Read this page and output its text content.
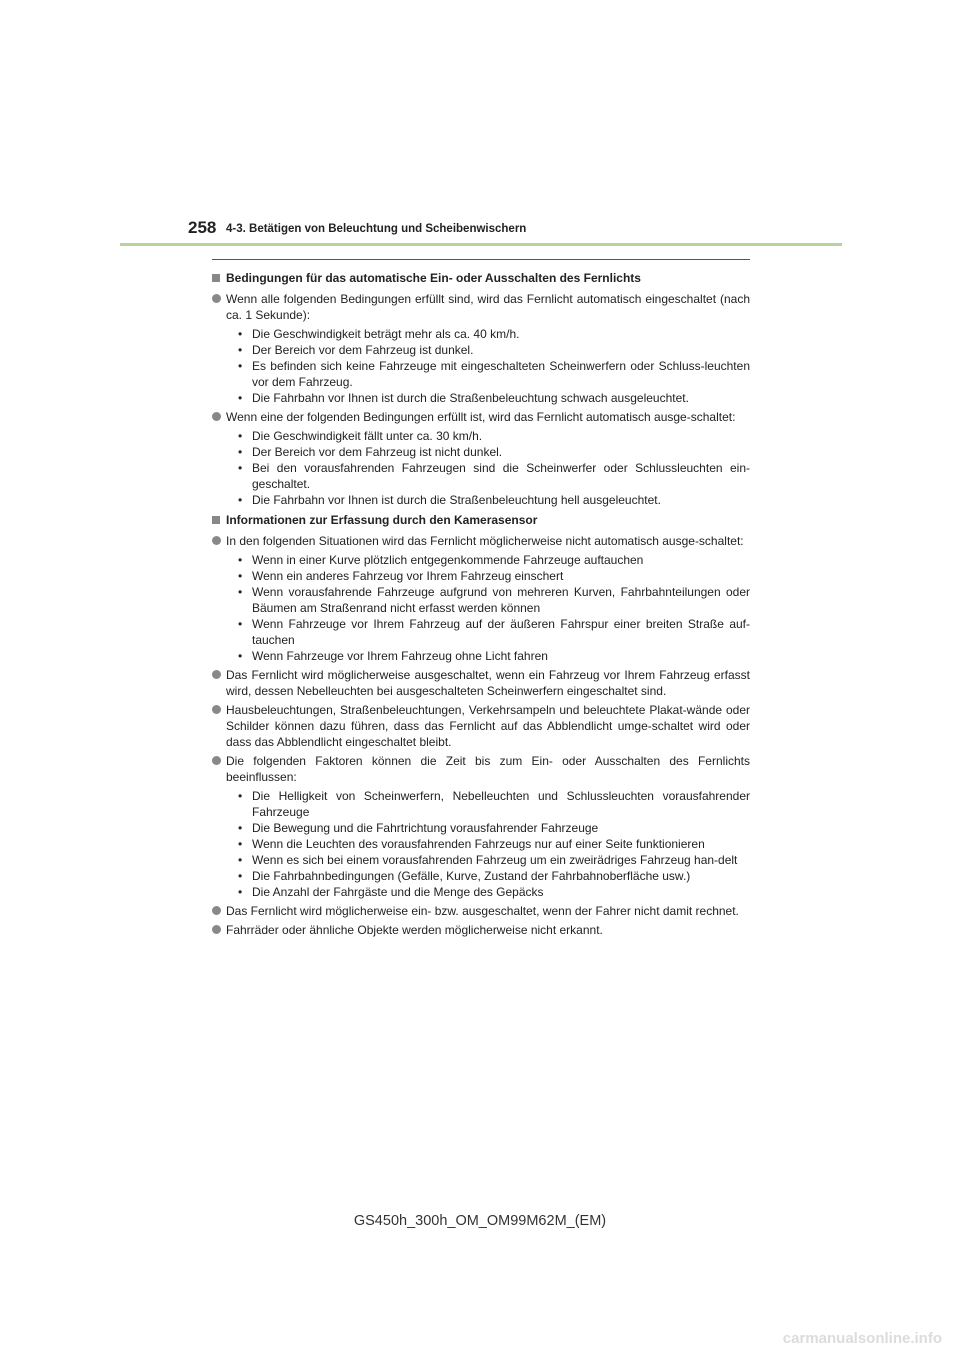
258 4-3. Betätigen von Beleuchtung und Scheibenwischern
Bedingungen für das automatische Ein- oder Ausschalten des Fernlichts
Wenn alle folgenden Bedingungen erfüllt sind, wird das Fernlicht automatisch eingeschaltet (nach ca. 1 Sekunde):
• Die Geschwindigkeit beträgt mehr als ca. 40 km/h.
• Der Bereich vor dem Fahrzeug ist dunkel.
• Es befinden sich keine Fahrzeuge mit eingeschalteten Scheinwerfern oder Schluss-leuchten vor dem Fahrzeug.
• Die Fahrbahn vor Ihnen ist durch die Straßenbeleuchtung schwach ausgeleuchtet.
Wenn eine der folgenden Bedingungen erfüllt ist, wird das Fernlicht automatisch ausge-schaltet:
• Die Geschwindigkeit fällt unter ca. 30 km/h.
• Der Bereich vor dem Fahrzeug ist nicht dunkel.
• Bei den vorausfahrenden Fahrzeugen sind die Scheinwerfer oder Schlussleuchten ein-geschaltet.
• Die Fahrbahn vor Ihnen ist durch die Straßenbeleuchtung hell ausgeleuchtet.
Informationen zur Erfassung durch den Kamerasensor
In den folgenden Situationen wird das Fernlicht möglicherweise nicht automatisch ausge-schaltet:
• Wenn in einer Kurve plötzlich entgegenkommende Fahrzeuge auftauchen
• Wenn ein anderes Fahrzeug vor Ihrem Fahrzeug einschert
• Wenn vorausfahrende Fahrzeuge aufgrund von mehreren Kurven, Fahrbahnteilungen oder Bäumen am Straßenrand nicht erfasst werden können
• Wenn Fahrzeuge vor Ihrem Fahrzeug auf der äußeren Fahrspur einer breiten Straße auf-tauchen
• Wenn Fahrzeuge vor Ihrem Fahrzeug ohne Licht fahren
Das Fernlicht wird möglicherweise ausgeschaltet, wenn ein Fahrzeug vor Ihrem Fahrzeug erfasst wird, dessen Nebelleuchten bei ausgeschalteten Scheinwerfern eingeschaltet sind.
Hausbeleuchtungen, Straßenbeleuchtungen, Verkehrsampeln und beleuchtete Plakat-wände oder Schilder können dazu führen, dass das Fernlicht auf das Abblendlicht umge-schaltet wird oder dass das Abblendlicht eingeschaltet bleibt.
Die folgenden Faktoren können die Zeit bis zum Ein- oder Ausschalten des Fernlichts beeinflussen:
• Die Helligkeit von Scheinwerfern, Nebelleuchten und Schlussleuchten vorausfahrender Fahrzeuge
• Die Bewegung und die Fahrtrichtung vorausfahrender Fahrzeuge
• Wenn die Leuchten des vorausfahrenden Fahrzeugs nur auf einer Seite funktionieren
• Wenn es sich bei einem vorausfahrenden Fahrzeug um ein zweirädriges Fahrzeug han-delt
• Die Fahrbahnbedingungen (Gefälle, Kurve, Zustand der Fahrbahnoberfläche usw.)
• Die Anzahl der Fahrgäste und die Menge des Gepäcks
Das Fernlicht wird möglicherweise ein- bzw. ausgeschaltet, wenn der Fahrer nicht damit rechnet.
Fahrräder oder ähnliche Objekte werden möglicherweise nicht erkannt.
GS450h_300h_OM_OM99M62M_(EM)
carmanualsonline.info
